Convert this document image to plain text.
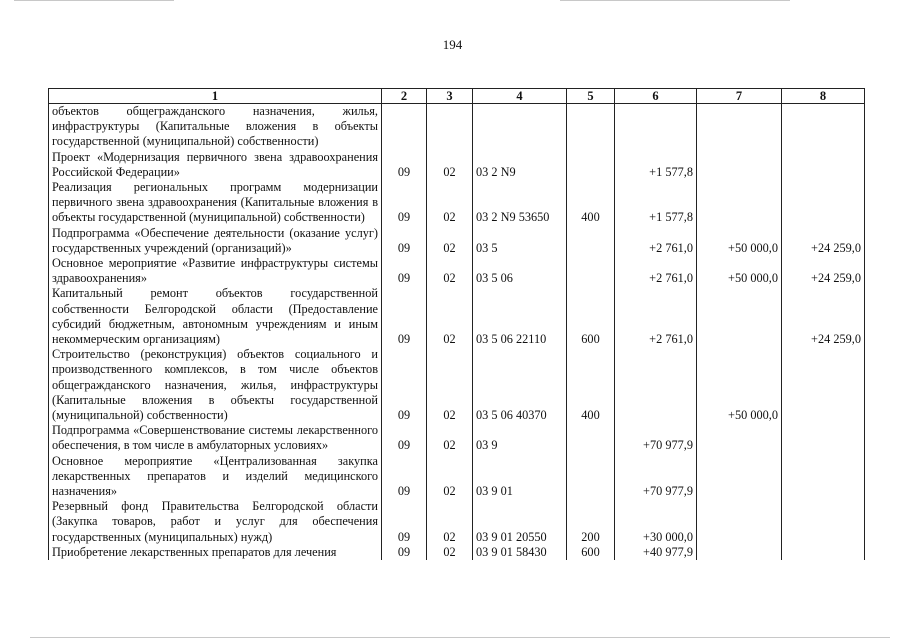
194
1	2	3	4	5	6	7	8
объектов общегражданского назначения, жилья, инфраструктуры (Капитальные вложения в объекты государственной (муниципальной) собственности)							
Проект «Модернизация первичного звена здравоохранения Российской Федерации»	09	02	03 2 N9		+1 577,8		
Реализация региональных программ модернизации первичного звена здравоохранения (Капитальные вложения в объекты государственной (муниципальной) собственности)	09	02	03 2 N9 53650	400	+1 577,8		
Подпрограмма «Обеспечение деятельности (оказание услуг) государственных учреждений (организаций)»	09	02	03 5		+2 761,0	+50 000,0	+24 259,0
Основное мероприятие «Развитие инфраструктуры системы здравоохранения»	09	02	03 5 06		+2 761,0	+50 000,0	+24 259,0
Капитальный ремонт объектов государственной собственности Белгородской области (Предоставление субсидий бюджетным, автономным учреждениям и иным некоммерческим организациям)	09	02	03 5 06 22110	600	+2 761,0		+24 259,0
Строительство (реконструкция) объектов социального и производственного комплексов, в том числе объектов общегражданского назначения, жилья, инфраструктуры (Капитальные вложения в объекты государственной (муниципальной) собственности)	09	02	03 5 06 40370	400		+50 000,0	
Подпрограмма «Совершенствование системы лекарственного обеспечения, в том числе в амбулаторных условиях»	09	02	03 9		+70 977,9		
Основное мероприятие «Централизованная закупка лекарственных препаратов и изделий медицинского назначения»	09	02	03 9 01		+70 977,9		
Резервный фонд Правительства Белгородской области (Закупка товаров, работ и услуг для обеспечения государственных (муниципальных) нужд)	09	02	03 9 01 20550	200	+30 000,0		
Приобретение лекарственных препаратов для лечения	09	02	03 9 01 58430	600	+40 977,9		
